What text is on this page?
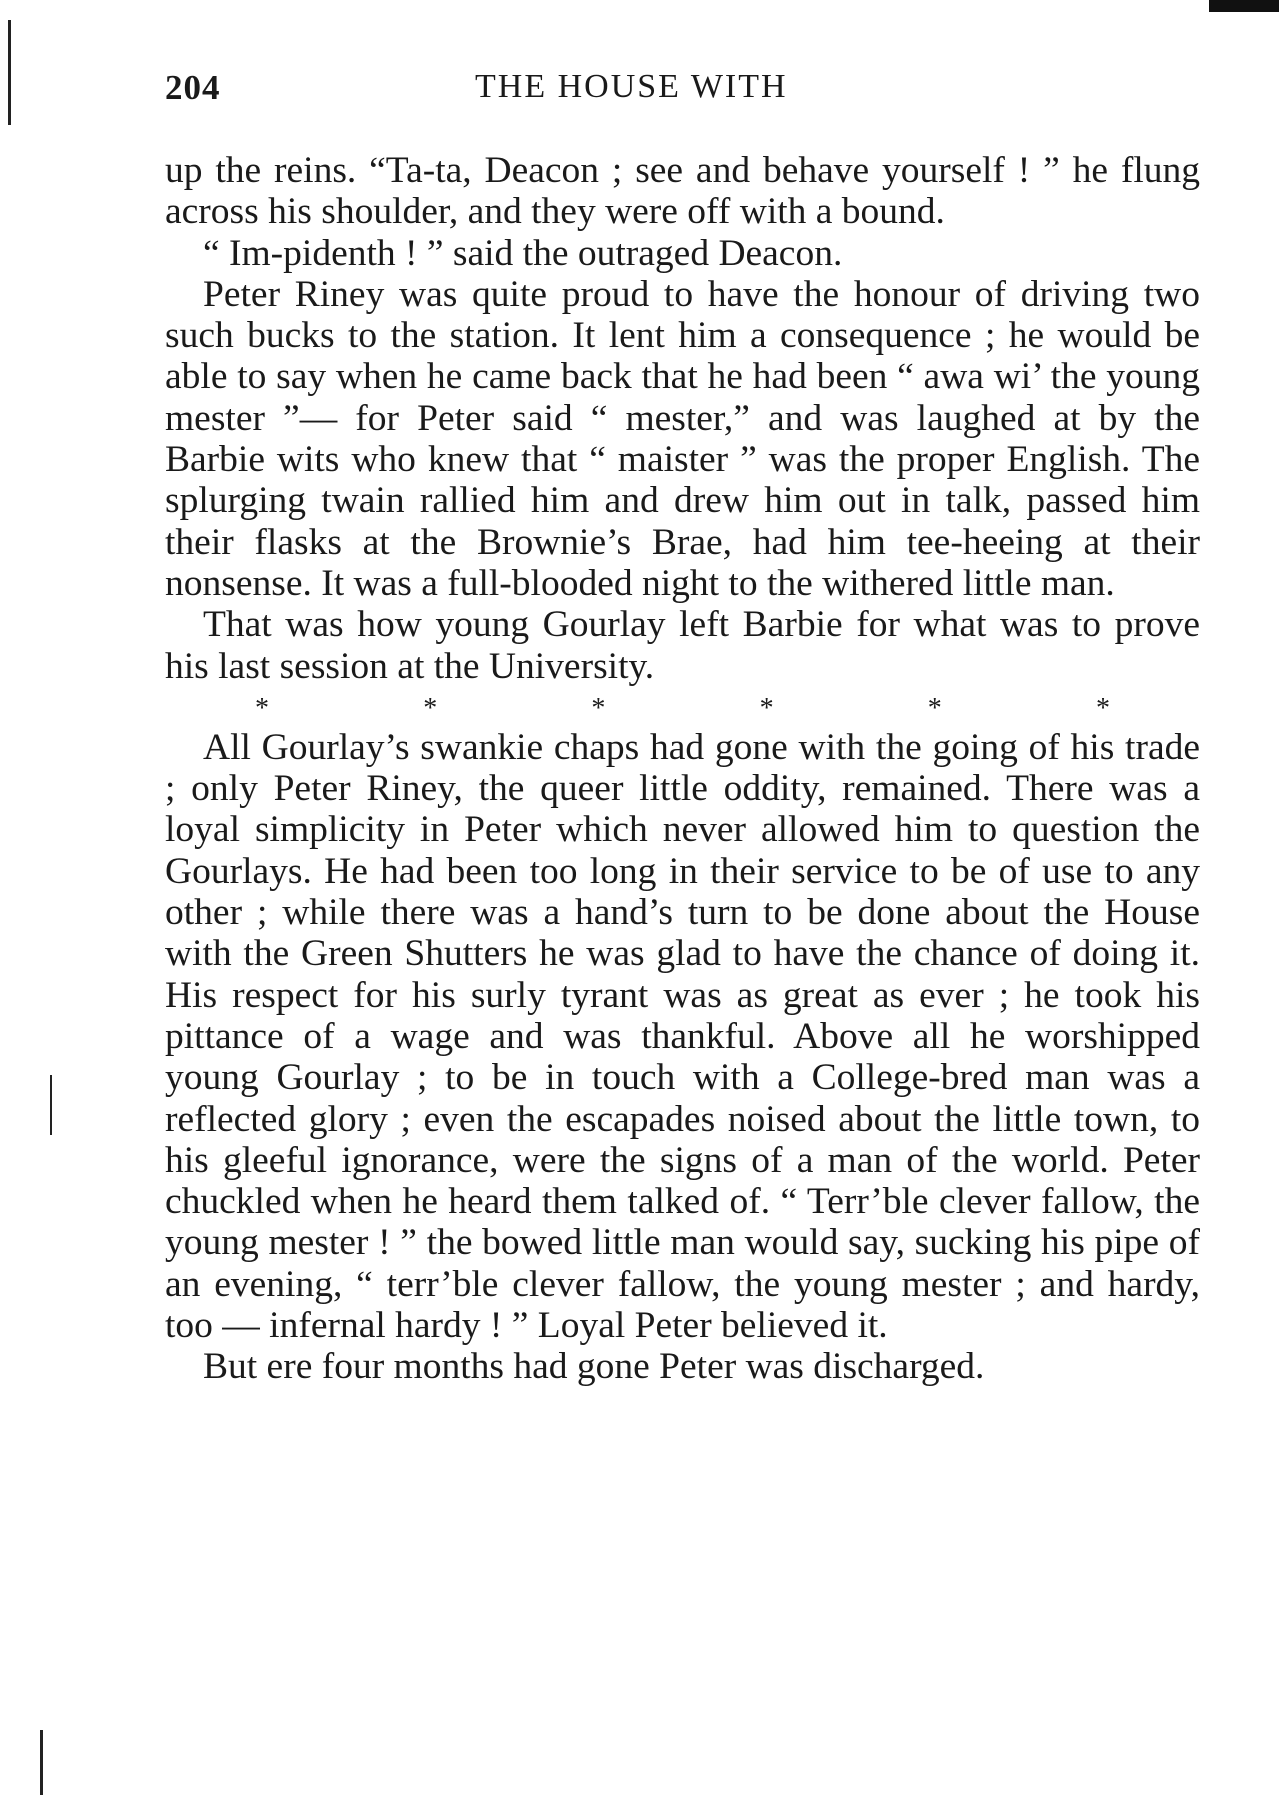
204	THE HOUSE WITH

up the reins. “Ta-ta, Deacon ; see and behave yourself ! ” he flung across his shoulder, and they were off with a bound.

“ Im-pidenth ! ” said the outraged Deacon.

Peter Riney was quite proud to have the honour of driving two such bucks to the station. It lent him a consequence ; he would be able to say when he came back that he had been “ awa wi’ the young mester ”— for Peter said “ mester,” and was laughed at by the Barbie wits who knew that “ maister ” was the proper English. The splurging twain rallied him and drew him out in talk, passed him their flasks at the Brownie’s Brae, had him tee-heeing at their nonsense. It was a full-blooded night to the withered little man.

That was how young Gourlay left Barbie for what was to prove his last session at the University.

*	*	*	*	*	*

All Gourlay’s swankie chaps had gone with the going of his trade ; only Peter Riney, the queer little oddity, remained. There was a loyal simplicity in Peter which never allowed him to question the Gourlays. He had been too long in their service to be of use to any other ; while there was a hand’s turn to be done about the House with the Green Shutters he was glad to have the chance of doing it. His respect for his surly tyrant was as great as ever ; he took his pittance of a wage and was thankful. Above all he worshipped young Gourlay ; to be in touch with a College-bred man was a reflected glory ; even the escapades noised about the little town, to his gleeful ignorance, were the signs of a man of the world. Peter chuckled when he heard them talked of. “ Terr’ble clever fallow, the young mester ! ” the bowed little man would say, sucking his pipe of an evening, “ terr’ble clever fallow, the young mester ; and hardy, too — infernal hardy ! ” Loyal Peter believed it.

But ere four months had gone Peter was discharged.
